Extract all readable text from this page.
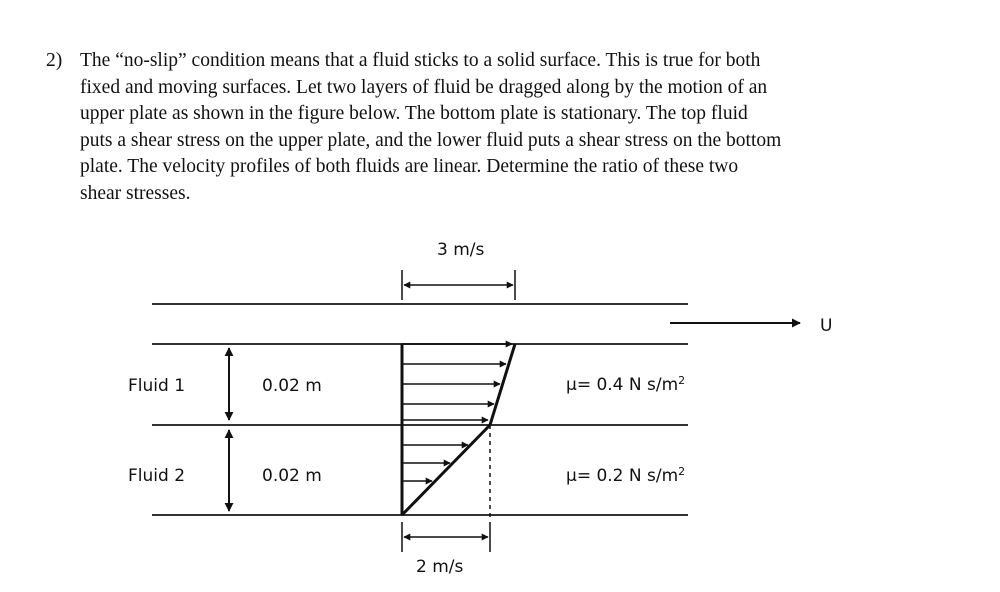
2) The “no-slip” condition means that a fluid sticks to a solid surface. This is true for both
fixed and moving surfaces. Let two layers of fluid be dragged along by the motion of an
upper plate as shown in the figure below. The bottom plate is stationary. The top fluid
puts a shear stress on the upper plate, and the lower fluid puts a shear stress on the bottom
plate. The velocity profiles of both fluids are linear. Determine the ratio of these two
shear stresses.
3 m/s
U
Fluid 1	0.02 m	μ= 0.4 N $s/m^2$
Fluid 2	0.02 m	μ= 0.2 N $s/m^2$
2 m/s
